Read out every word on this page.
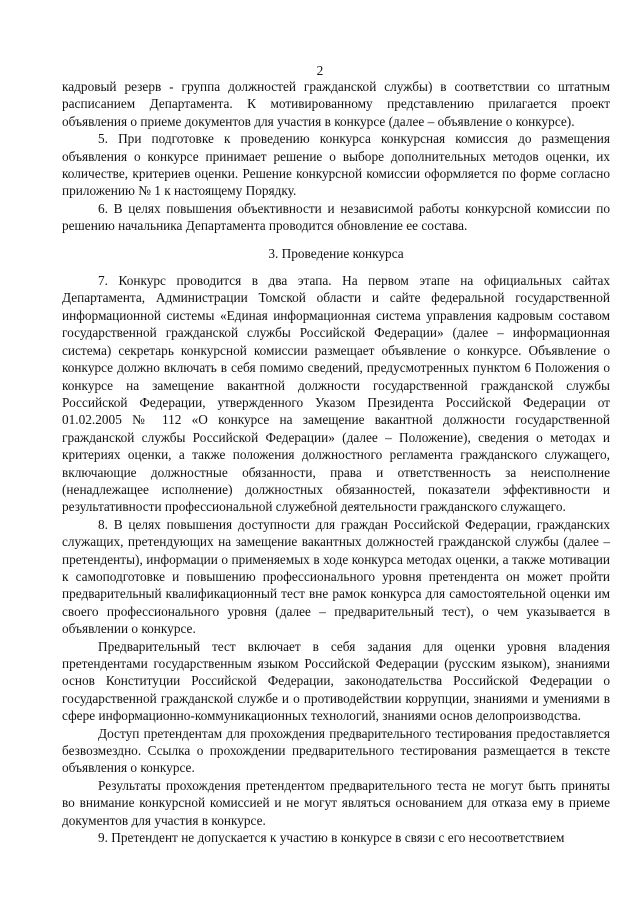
2

кадровый резерв - группа должностей гражданской службы) в соответствии со штатным расписанием Департамента. К мотивированному представлению прилагается проект объявления о приеме документов для участия в конкурсе (далее – объявление о конкурсе).

5. При подготовке к проведению конкурса конкурсная комиссия до размещения объявления о конкурсе принимает решение о выборе дополнительных методов оценки, их количестве, критериев оценки. Решение конкурсной комиссии оформляется по форме согласно приложению № 1 к настоящему Порядку.

6. В целях повышения объективности и независимой работы конкурсной комиссии по решению начальника Департамента проводится обновление ее состава.

3. Проведение конкурса

7. Конкурс проводится в два этапа. На первом этапе на официальных сайтах Департамента, Администрации Томской области и сайте федеральной государственной информационной системы «Единая информационная система управления кадровым составом государственной гражданской службы Российской Федерации» (далее – информационная система) секретарь конкурсной комиссии размещает объявление о конкурсе. Объявление о конкурсе должно включать в себя помимо сведений, предусмотренных пунктом 6 Положения о конкурсе на замещение вакантной должности государственной гражданской службы Российской Федерации, утвержденного Указом Президента Российской Федерации от 01.02.2005 № 112 «О конкурсе на замещение вакантной должности государственной гражданской службы Российской Федерации» (далее – Положение), сведения о методах и критериях оценки, а также положения должностного регламента гражданского служащего, включающие должностные обязанности, права и ответственность за неисполнение (ненадлежащее исполнение) должностных обязанностей, показатели эффективности и результативности профессиональной служебной деятельности гражданского служащего.

8. В целях повышения доступности для граждан Российской Федерации, гражданских служащих, претендующих на замещение вакантных должностей гражданской службы (далее – претенденты), информации о применяемых в ходе конкурса методах оценки, а также мотивации к самоподготовке и повышению профессионального уровня претендента он может пройти предварительный квалификационный тест вне рамок конкурса для самостоятельной оценки им своего профессионального уровня (далее – предварительный тест), о чем указывается в объявлении о конкурсе.

Предварительный тест включает в себя задания для оценки уровня владения претендентами государственным языком Российской Федерации (русским языком), знаниями основ Конституции Российской Федерации, законодательства Российской Федерации о государственной гражданской службе и о противодействии коррупции, знаниями и умениями в сфере информационно-коммуникационных технологий, знаниями основ делопроизводства.

Доступ претендентам для прохождения предварительного тестирования предоставляется безвозмездно. Ссылка о прохождении предварительного тестирования размещается в тексте объявления о конкурсе.

Результаты прохождения претендентом предварительного теста не могут быть приняты во внимание конкурсной комиссией и не могут являться основанием для отказа ему в приеме документов для участия в конкурсе.

9. Претендент не допускается к участию в конкурсе в связи с его несоответствием
